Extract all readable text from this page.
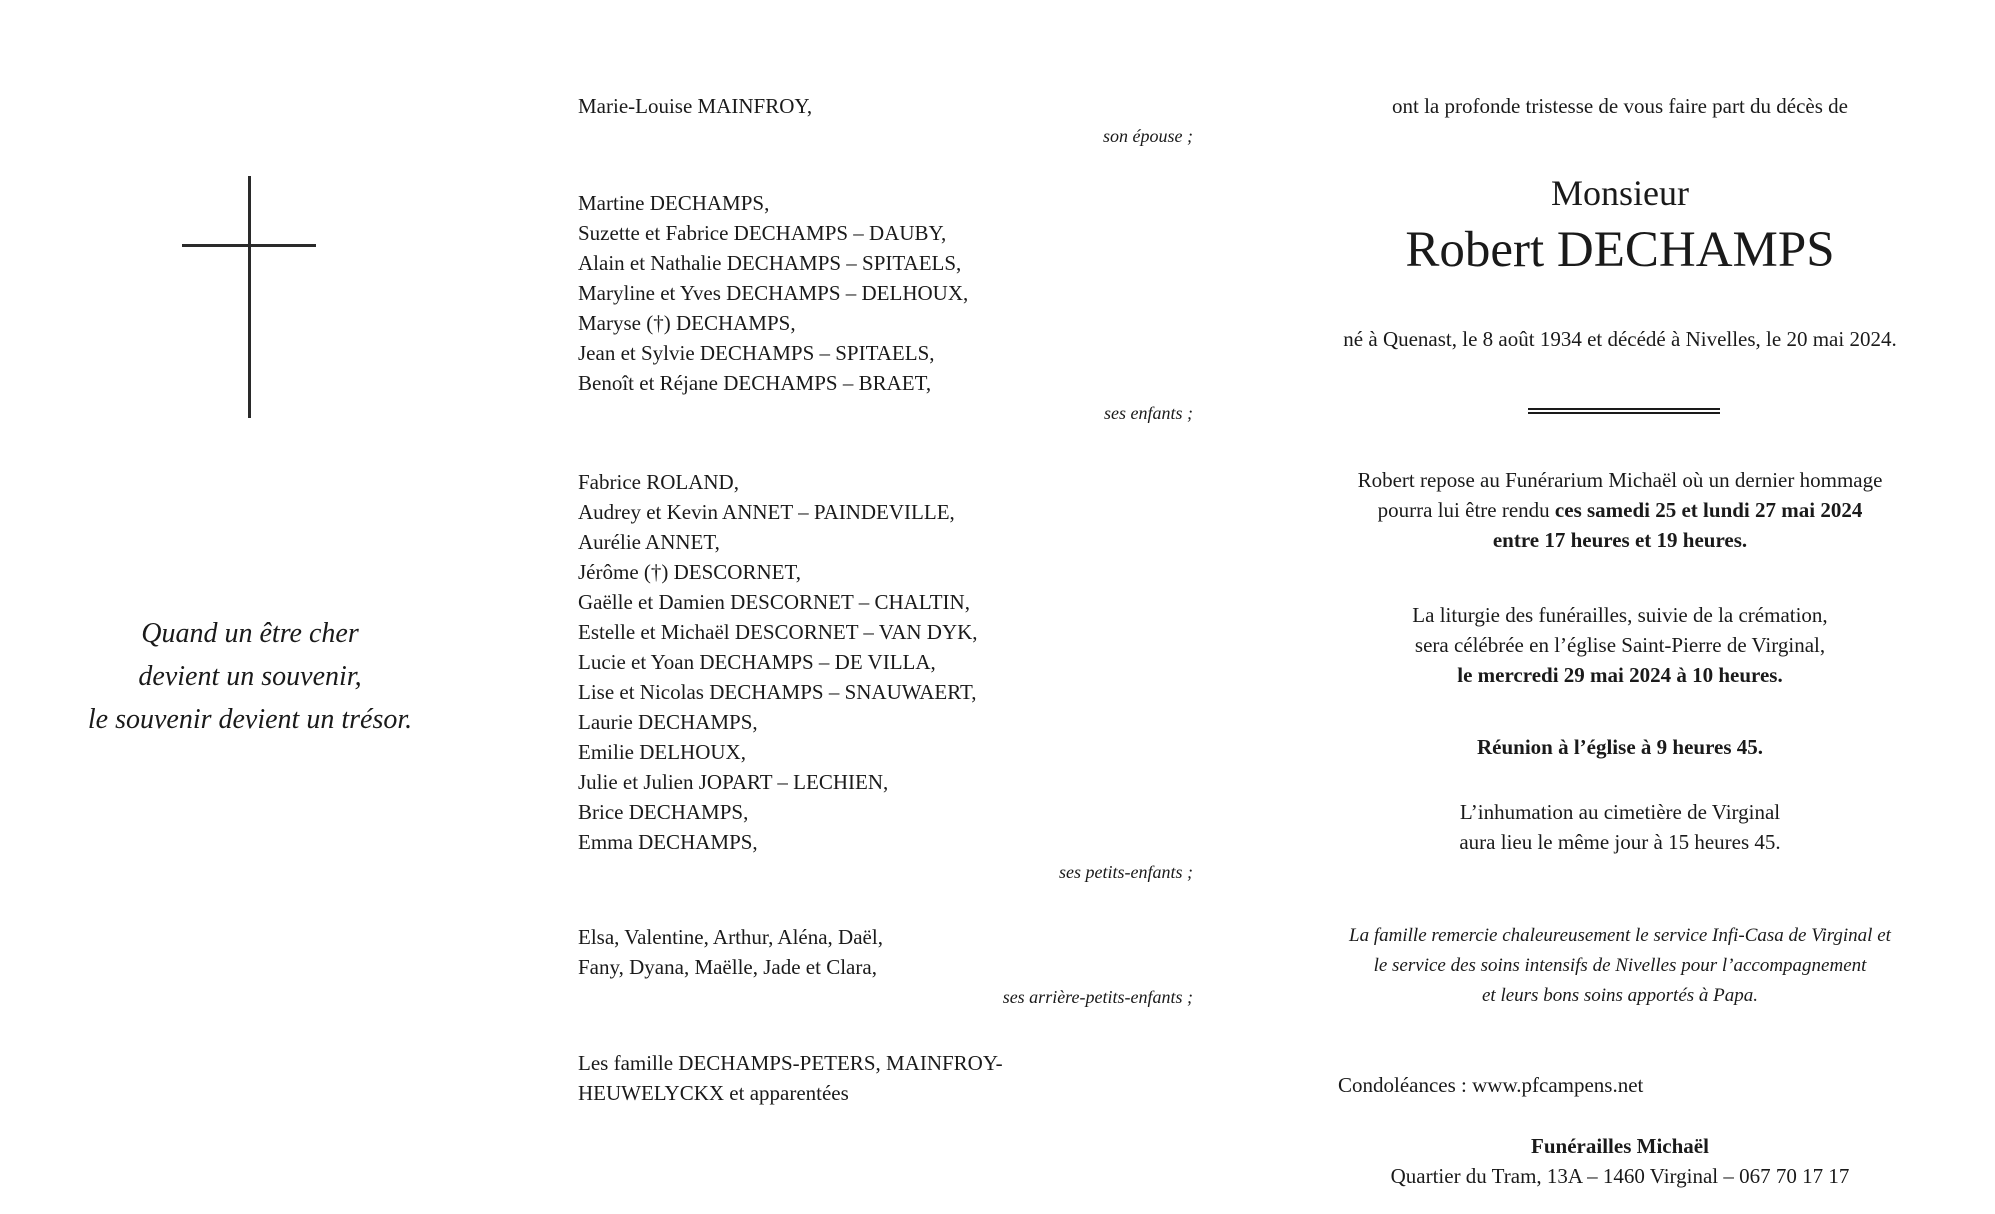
Quand un être cher
devient un souvenir,
le souvenir devient un trésor.
Marie-Louise MAINFROY,
son épouse ;
Martine DECHAMPS,
Suzette et Fabrice DECHAMPS – DAUBY,
Alain et Nathalie DECHAMPS – SPITAELS,
Maryline et Yves DECHAMPS – DELHOUX,
Maryse (†) DECHAMPS,
Jean et Sylvie DECHAMPS – SPITAELS,
Benoît et Réjane DECHAMPS – BRAET,
ses enfants ;
Fabrice ROLAND,
Audrey et Kevin ANNET – PAINDEVILLE,
Aurélie ANNET,
Jérôme (†) DESCORNET,
Gaëlle et Damien DESCORNET – CHALTIN,
Estelle et Michaël DESCORNET – VAN DYK,
Lucie et Yoan DECHAMPS – DE VILLA,
Lise et Nicolas DECHAMPS – SNAUWAERT,
Laurie DECHAMPS,
Emilie DELHOUX,
Julie et Julien JOPART – LECHIEN,
Brice DECHAMPS,
Emma DECHAMPS,
ses petits-enfants ;
Elsa, Valentine, Arthur, Aléna, Daël,
Fany, Dyana, Maëlle, Jade et Clara,
ses arrière-petits-enfants ;
Les famille DECHAMPS-PETERS, MAINFROY-
HEUWELYCKX et apparentées
ont la profonde tristesse de vous faire part du décès de
Monsieur
Robert DECHAMPS
né à Quenast, le 8 août 1934 et décédé à Nivelles, le 20 mai 2024.
Robert repose au Funérarium Michaël où un dernier hommage
pourra lui être rendu ces samedi 25 et lundi 27 mai 2024
entre 17 heures et 19 heures.
La liturgie des funérailles, suivie de la crémation,
sera célébrée en l’église Saint-Pierre de Virginal,
le mercredi 29 mai 2024 à 10 heures.
Réunion à l’église à 9 heures 45.
L’inhumation au cimetière de Virginal
aura lieu le même jour à 15 heures 45.
La famille remercie chaleureusement le service Infi-Casa de Virginal et
le service des soins intensifs de Nivelles pour l’accompagnement
et leurs bons soins apportés à Papa.
Condoléances : www.pfcampens.net
Funérailles Michaël
Quartier du Tram, 13A – 1460 Virginal – 067 70 17 17
